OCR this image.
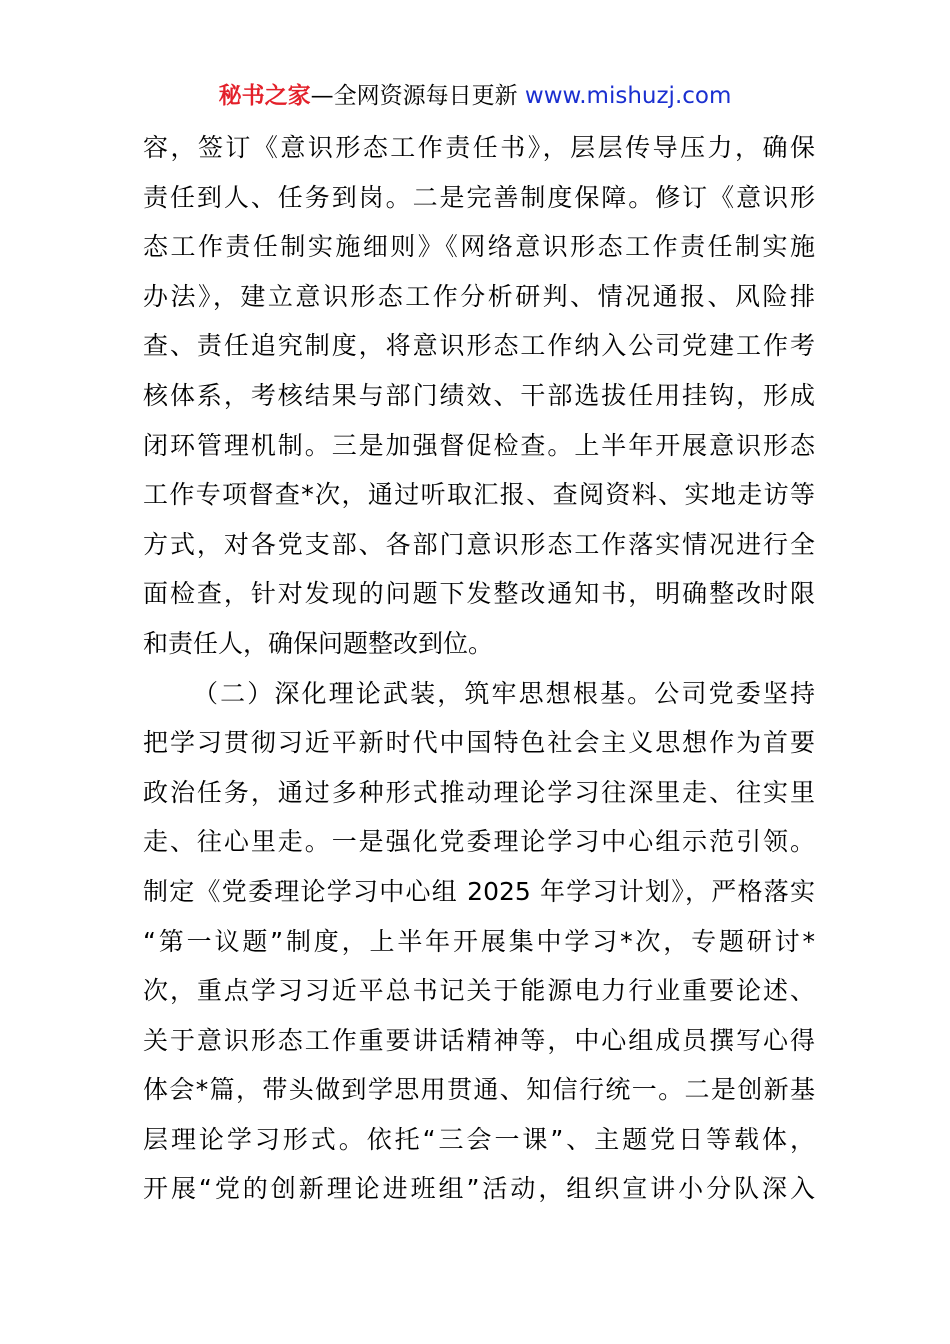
秘书之家—全网资源每日更新 www.mishuzj.com
容，签订《意识形态工作责任书》，层层传导压力，确保
责任到人、任务到岗。二是完善制度保障。修订《意识形
态工作责任制实施细则》《网络意识形态工作责任制实施
办法》，建立意识形态工作分析研判、情况通报、风险排
查、责任追究制度，将意识形态工作纳入公司党建工作考
核体系，考核结果与部门绩效、干部选拔任用挂钩，形成
闭环管理机制。三是加强督促检查。上半年开展意识形态
工作专项督查*次，通过听取汇报、查阅资料、实地走访等
方式，对各党支部、各部门意识形态工作落实情况进行全
面检查，针对发现的问题下发整改通知书，明确整改时限
和责任人，确保问题整改到位。
（二）深化理论武装，筑牢思想根基。公司党委坚持
把学习贯彻习近平新时代中国特色社会主义思想作为首要
政治任务，通过多种形式推动理论学习往深里走、往实里
走、往心里走。一是强化党委理论学习中心组示范引领。
制定《党委理论学习中心组 2025 年学习计划》，严格落实
“第一议题”制度，上半年开展集中学习*次，专题研讨*
次，重点学习习近平总书记关于能源电力行业重要论述、
关于意识形态工作重要讲话精神等，中心组成员撰写心得
体会*篇，带头做到学思用贯通、知信行统一。二是创新基
层理论学习形式。依托“三会一课”、主题党日等载体，
开展“党的创新理论进班组”活动，组织宣讲小分队深入
